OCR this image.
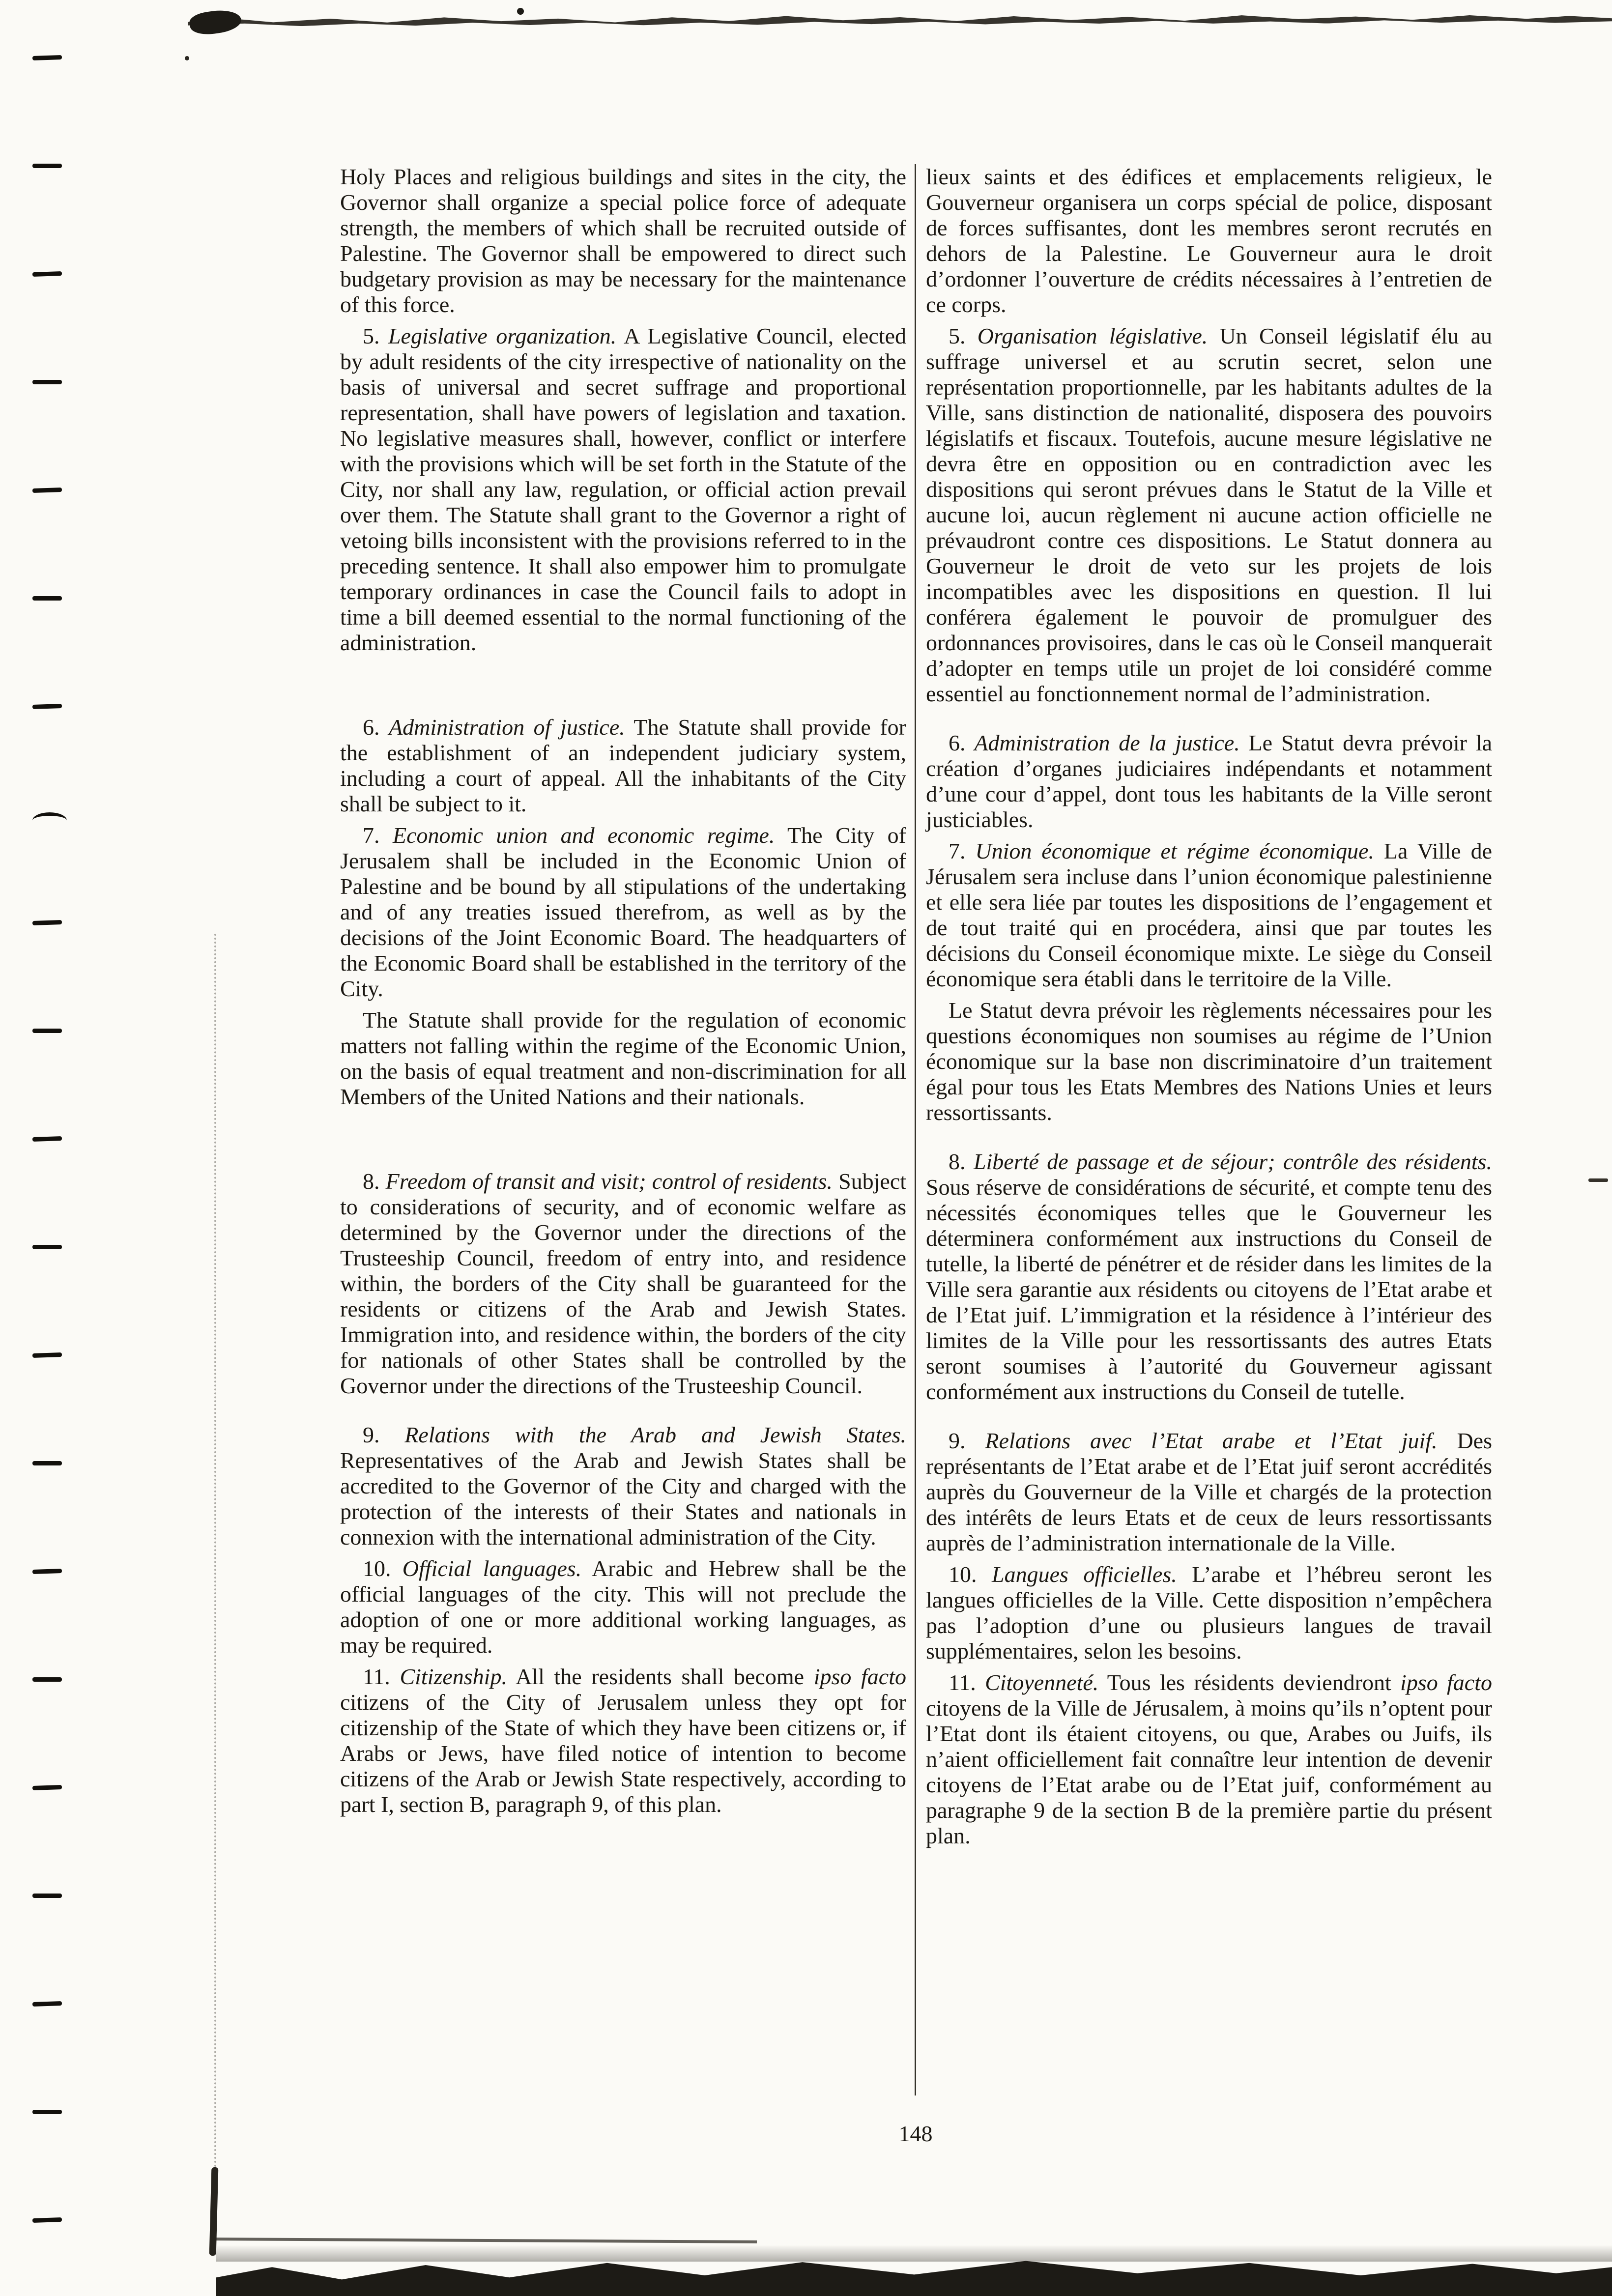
Holy Places and religious buildings and sites in the city, the Governor shall organize a special police force of adequate strength, the members of which shall be recruited outside of Palestine. The Governor shall be empowered to direct such budgetary provision as may be necessary for the maintenance of this force.

5. Legislative organization. A Legislative Council, elected by adult residents of the city irrespective of nationality on the basis of universal and secret suffrage and proportional representation, shall have powers of legislation and taxation. No legislative measures shall, however, conflict or interfere with the provisions which will be set forth in the Statute of the City, nor shall any law, regulation, or official action prevail over them. The Statute shall grant to the Governor a right of vetoing bills inconsistent with the provisions referred to in the preceding sentence. It shall also empower him to promulgate temporary ordinances in case the Council fails to adopt in time a bill deemed essential to the normal functioning of the administration.

6. Administration of justice. The Statute shall provide for the establishment of an independent judiciary system, including a court of appeal. All the inhabitants of the City shall be subject to it.

7. Economic union and economic regime. The City of Jerusalem shall be included in the Economic Union of Palestine and be bound by all stipulations of the undertaking and of any treaties issued therefrom, as well as by the decisions of the Joint Economic Board. The headquarters of the Economic Board shall be established in the territory of the City.

The Statute shall provide for the regulation of economic matters not falling within the regime of the Economic Union, on the basis of equal treatment and non-discrimination for all Members of the United Nations and their nationals.

8. Freedom of transit and visit; control of residents. Subject to considerations of security, and of economic welfare as determined by the Governor under the directions of the Trusteeship Council, freedom of entry into, and residence within, the borders of the City shall be guaranteed for the residents or citizens of the Arab and Jewish States. Immigration into, and residence within, the borders of the city for nationals of other States shall be controlled by the Governor under the directions of the Trusteeship Council.

9. Relations with the Arab and Jewish States. Representatives of the Arab and Jewish States shall be accredited to the Governor of the City and charged with the protection of the interests of their States and nationals in connexion with the international administration of the City.

10. Official languages. Arabic and Hebrew shall be the official languages of the city. This will not preclude the adoption of one or more additional working languages, as may be required.

11. Citizenship. All the residents shall become ipso facto citizens of the City of Jerusalem unless they opt for citizenship of the State of which they have been citizens or, if Arabs or Jews, have filed notice of intention to become citizens of the Arab or Jewish State respectively, according to part I, section B, paragraph 9, of this plan.

lieux saints et des édifices et emplacements religieux, le Gouverneur organisera un corps spécial de police, disposant de forces suffisantes, dont les membres seront recrutés en dehors de la Palestine. Le Gouverneur aura le droit d’ordonner l’ouverture de crédits nécessaires à l’entretien de ce corps.

5. Organisation législative. Un Conseil législatif élu au suffrage universel et au scrutin secret, selon une représentation proportionnelle, par les habitants adultes de la Ville, sans distinction de nationalité, disposera des pouvoirs législatifs et fiscaux. Toutefois, aucune mesure législative ne devra être en opposition ou en contradiction avec les dispositions qui seront prévues dans le Statut de la Ville et aucune loi, aucun règlement ni aucune action officielle ne prévaudront contre ces dispositions. Le Statut donnera au Gouverneur le droit de veto sur les projets de lois incompatibles avec les dispositions en question. Il lui conférera également le pouvoir de promulguer des ordonnances provisoires, dans le cas où le Conseil manquerait d’adopter en temps utile un projet de loi considéré comme essentiel au fonctionnement normal de l’administration.

6. Administration de la justice. Le Statut devra prévoir la création d’organes judiciaires indépendants et notamment d’une cour d’appel, dont tous les habitants de la Ville seront justiciables.

7. Union économique et régime économique. La Ville de Jérusalem sera incluse dans l’union économique palestinienne et elle sera liée par toutes les dispositions de l’engagement et de tout traité qui en procédera, ainsi que par toutes les décisions du Conseil économique mixte. Le siège du Conseil économique sera établi dans le territoire de la Ville.

Le Statut devra prévoir les règlements nécessaires pour les questions économiques non soumises au régime de l’Union économique sur la base non discriminatoire d’un traitement égal pour tous les Etats Membres des Nations Unies et leurs ressortissants.

8. Liberté de passage et de séjour; contrôle des résidents. Sous réserve de considérations de sécurité, et compte tenu des nécessités économiques telles que le Gouverneur les déterminera conformément aux instructions du Conseil de tutelle, la liberté de pénétrer et de résider dans les limites de la Ville sera garantie aux résidents ou citoyens de l’Etat arabe et de l’Etat juif. L’immigration et la résidence à l’intérieur des limites de la Ville pour les ressortissants des autres Etats seront soumises à l’autorité du Gouverneur agissant conformément aux instructions du Conseil de tutelle.

9. Relations avec l’Etat arabe et l’Etat juif. Des représentants de l’Etat arabe et de l’Etat juif seront accrédités auprès du Gouverneur de la Ville et chargés de la protection des intérêts de leurs Etats et de ceux de leurs ressortissants auprès de l’administration internationale de la Ville.

10. Langues officielles. L’arabe et l’hébreu seront les langues officielles de la Ville. Cette disposition n’empêchera pas l’adoption d’une ou plusieurs langues de travail supplémentaires, selon les besoins.

11. Citoyenneté. Tous les résidents deviendront ipso facto citoyens de la Ville de Jérusalem, à moins qu’ils n’optent pour l’Etat dont ils étaient citoyens, ou que, Arabes ou Juifs, ils n’aient officiellement fait connaître leur intention de devenir citoyens de l’Etat arabe ou de l’Etat juif, conformément au paragraphe 9 de la section B de la première partie du présent plan.

148
